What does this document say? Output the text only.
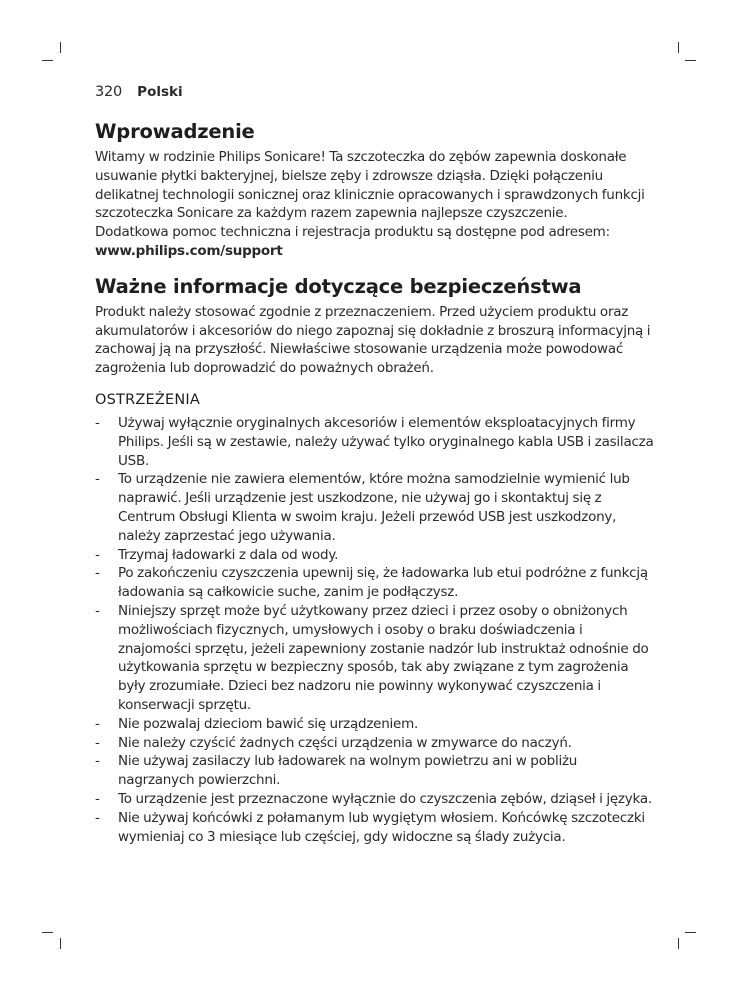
320 Polski
Wprowadzenie

Witamy w rodzinie Philips Sonicare! Ta szczoteczka do zębów zapewnia doskonałe usuwanie płytki bakteryjnej, bielsze zęby i zdrowsze dziąsła. Dzięki połączeniu delikatnej technologii sonicznej oraz klinicznie opracowanych i sprawdzonych funkcji szczoteczka Sonicare za każdym razem zapewnia najlepsze czyszczenie.

Dodatkowa pomoc techniczna i rejestracja produktu są dostępne pod adresem: www.philips.com/support

Ważne informacje dotyczące bezpieczeństwa

Produkt należy stosować zgodnie z przeznaczeniem. Przed użyciem produktu oraz akumulatorów i akcesoriów do niego zapoznaj się dokładnie z broszurą informacyjną i zachowaj ją na przyszłość. Niewłaściwe stosowanie urządzenia może powodować zagrożenia lub doprowadzić do poważnych obrażeń.

OSTRZEŻENIA
- Używaj wyłącznie oryginalnych akcesoriów i elementów eksploatacyjnych firmy Philips. Jeśli są w zestawie, należy używać tylko oryginalnego kabla USB i zasilacza USB.
- To urządzenie nie zawiera elementów, które można samodzielnie wymienić lub naprawić. Jeśli urządzenie jest uszkodzone, nie używaj go i skontaktuj się z Centrum Obsługi Klienta w swoim kraju. Jeżeli przewód USB jest uszkodzony, należy zaprzestać jego używania.
- Trzymaj ładowarki z dala od wody.
- Po zakończeniu czyszczenia upewnij się, że ładowarka lub etui podróżne z funkcją ładowania są całkowicie suche, zanim je podłączysz.
- Niniejszy sprzęt może być użytkowany przez dzieci i przez osoby o obniżonych możliwościach fizycznych, umysłowych i osoby o braku doświadczenia i znajomości sprzętu, jeżeli zapewniony zostanie nadzór lub instruktaż odnośnie do użytkowania sprzętu w bezpieczny sposób, tak aby związane z tym zagrożenia były zrozumiałe. Dzieci bez nadzoru nie powinny wykonywać czyszczenia i konserwacji sprzętu.
- Nie pozwalaj dzieciom bawić się urządzeniem.
- Nie należy czyścić żadnych części urządzenia w zmywarce do naczyń.
- Nie używaj zasilaczy lub ładowarek na wolnym powietrzu ani w pobliżu nagrzanych powierzchni.
- To urządzenie jest przeznaczone wyłącznie do czyszczenia zębów, dziąseł i języka.
- Nie używaj końcówki z połamanym lub wygiętym włosiem. Końcówkę szczoteczki wymieniaj co 3 miesiące lub częściej, gdy widoczne są ślady zużycia.
